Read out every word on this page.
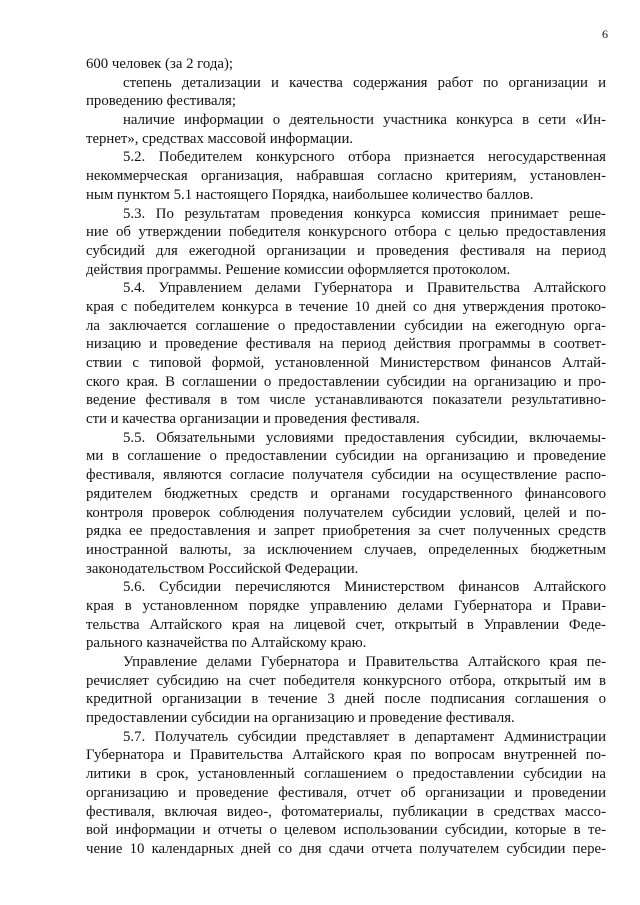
6
600 человек (за 2 года);
степень детализации и качества содержания работ по организации и
проведению фестиваля;
наличие информации о деятельности участника конкурса в сети «Ин-
тернет», средствах массовой информации.
5.2. Победителем конкурсного отбора признается негосударственная
некоммерческая организация, набравшая согласно критериям, установлен-
ным пунктом 5.1 настоящего Порядка, наибольшее количество баллов.
5.3. По результатам проведения конкурса комиссия принимает реше-
ние об утверждении победителя конкурсного отбора с целью предоставления
субсидий для ежегодной организации и проведения фестиваля на период
действия программы. Решение комиссии оформляется протоколом.
5.4. Управлением делами Губернатора и Правительства Алтайского
края с победителем конкурса в течение 10 дней со дня утверждения протоко-
ла заключается соглашение о предоставлении субсидии на ежегодную орга-
низацию и проведение фестиваля на период действия программы в соответ-
ствии с типовой формой, установленной Министерством финансов Алтай-
ского края. В соглашении о предоставлении субсидии на организацию и про-
ведение фестиваля в том числе устанавливаются показатели результативно-
сти и качества организации и проведения фестиваля.
5.5. Обязательными условиями предоставления субсидии, включаемы-
ми в соглашение о предоставлении субсидии на организацию и проведение
фестиваля, являются согласие получателя субсидии на осуществление распо-
рядителем бюджетных средств и органами государственного финансового
контроля проверок соблюдения получателем субсидии условий, целей и по-
рядка ее предоставления и запрет приобретения за счет полученных средств
иностранной валюты, за исключением случаев, определенных бюджетным
законодательством Российской Федерации.
5.6. Субсидии перечисляются Министерством финансов Алтайского
края в установленном порядке управлению делами Губернатора и Прави-
тельства Алтайского края на лицевой счет, открытый в Управлении Феде-
рального казначейства по Алтайскому краю.
Управление делами Губернатора и Правительства Алтайского края пе-
речисляет субсидию на счет победителя конкурсного отбора, открытый им в
кредитной организации в течение 3 дней после подписания соглашения о
предоставлении субсидии на организацию и проведение фестиваля.
5.7. Получатель субсидии представляет в департамент Администрации
Губернатора и Правительства Алтайского края по вопросам внутренней по-
литики в срок, установленный соглашением о предоставлении субсидии на
организацию и проведение фестиваля, отчет об организации и проведении
фестиваля, включая видео-, фотоматериалы, публикации в средствах массо-
вой информации и отчеты о целевом использовании субсидии, которые в те-
чение 10 календарных дней со дня сдачи отчета получателем субсидии пере-
